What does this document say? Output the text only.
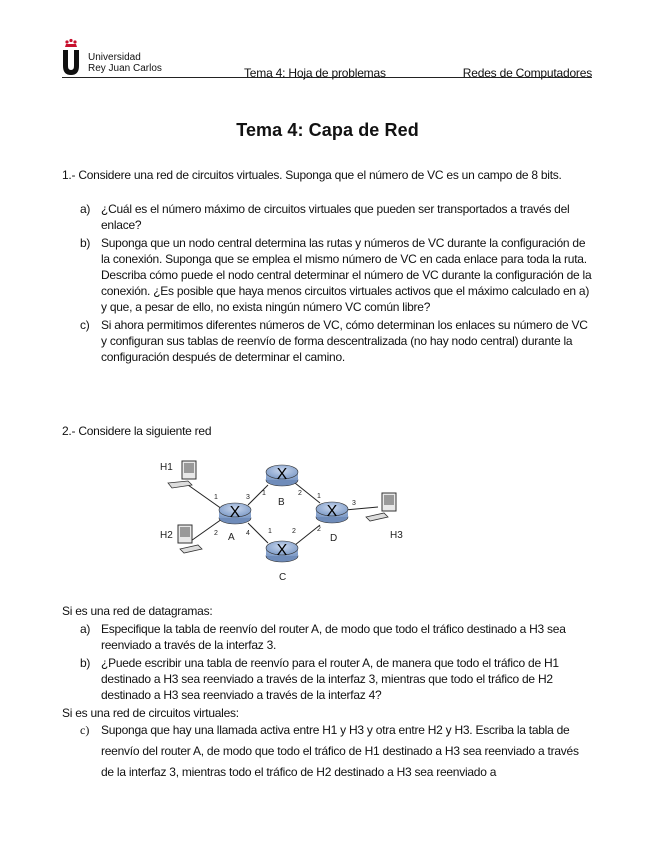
Universidad
Rey Juan Carlos	Tema 4: Hoja de problemas	Redes de Computadores
Tema 4: Capa de Red
1.- Considere una red de circuitos virtuales. Suponga que el número de VC es un campo de 8 bits.
a) ¿Cuál es el número máximo de circuitos virtuales que pueden ser transportados a través del enlace?
b) Suponga que un nodo central determina las rutas y números de VC durante la configuración de la conexión. Suponga que se emplea el mismo número de VC en cada enlace para toda la ruta. Describa cómo puede el nodo central determinar el número de VC durante la configuración de la conexión. ¿Es posible que haya menos circuitos virtuales activos que el máximo calculado en a) y que, a pesar de ello, no exista ningún número VC común libre?
c) Si ahora permitimos diferentes números de VC, cómo determinan los enlaces su número de VC y configuran sus tablas de reenvío de forma descentralizada (no hay nodo central) durante la configuración después de determinar el camino.
2.- Considere la siguiente red
X
X
X
X
H1
H2	H3
A
B
C
D
1
2
3
4
1	2
1	2
1
2
3
Si es una red de datagramas:
a) Especifique la tabla de reenvío del router A, de modo que todo el tráfico destinado a H3 sea reenviado a través de la interfaz 3.
b) ¿Puede escribir una tabla de reenvío para el router A, de manera que todo el tráfico de H1 destinado a H3 sea reenviado a través de la interfaz 3, mientras que todo el tráfico de H2 destinado a H3 sea reenviado a través de la interfaz 4?
Si es una red de circuitos virtuales:
c) Suponga que hay una llamada activa entre H1 y H3 y otra entre H2 y H3. Escriba la tabla de reenvío del router A, de modo que todo el tráfico de H1 destinado a H3 sea reenviado a través de la interfaz 3, mientras todo el tráfico de H2 destinado a H3 sea reenviado a
